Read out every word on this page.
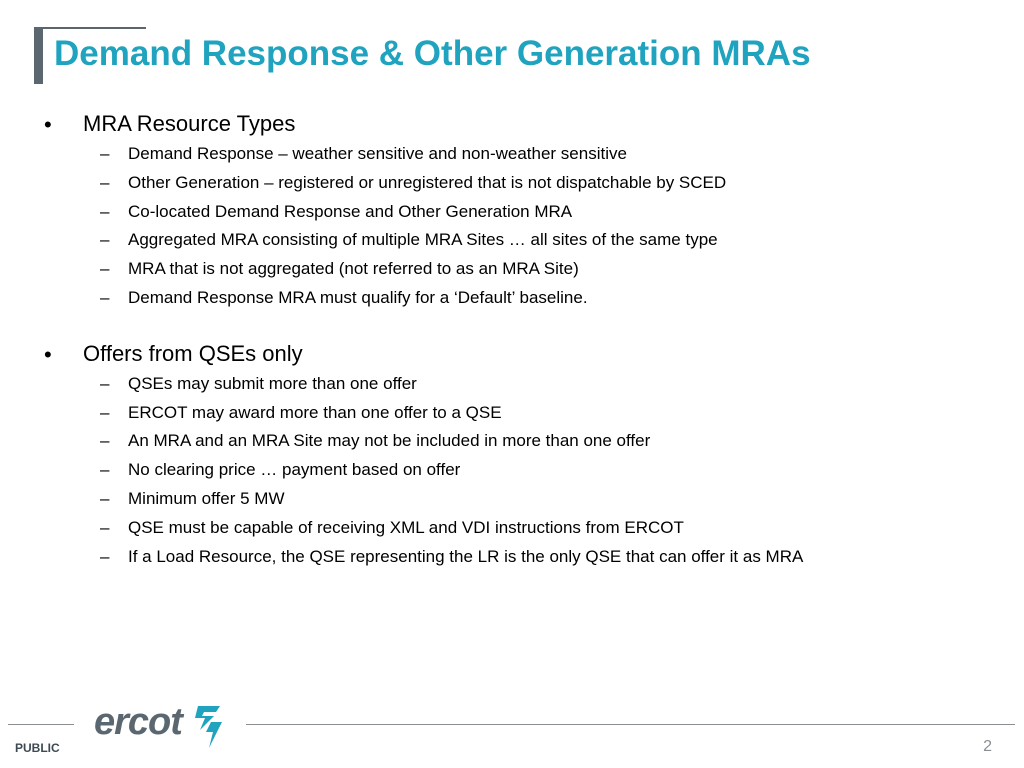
Demand Response & Other Generation MRAs
• MRA Resource Types
– Demand Response – weather sensitive and non-weather sensitive
– Other Generation – registered or unregistered that is not dispatchable by SCED
– Co-located Demand Response and Other Generation MRA
– Aggregated MRA consisting of multiple MRA Sites … all sites of the same type
– MRA that is not aggregated (not referred to as an MRA Site)
– Demand Response MRA must qualify for a ‘Default’ baseline.
• Offers from QSEs only
– QSEs may submit more than one offer
– ERCOT may award more than one offer to a QSE
– An MRA and an MRA Site may not be included in more than one offer
– No clearing price … payment based on offer
– Minimum offer 5 MW
– QSE must be capable of receiving XML and VDI instructions from ERCOT
– If a Load Resource, the QSE representing the LR is the only QSE that can offer it as MRA
ercot
PUBLIC	2
